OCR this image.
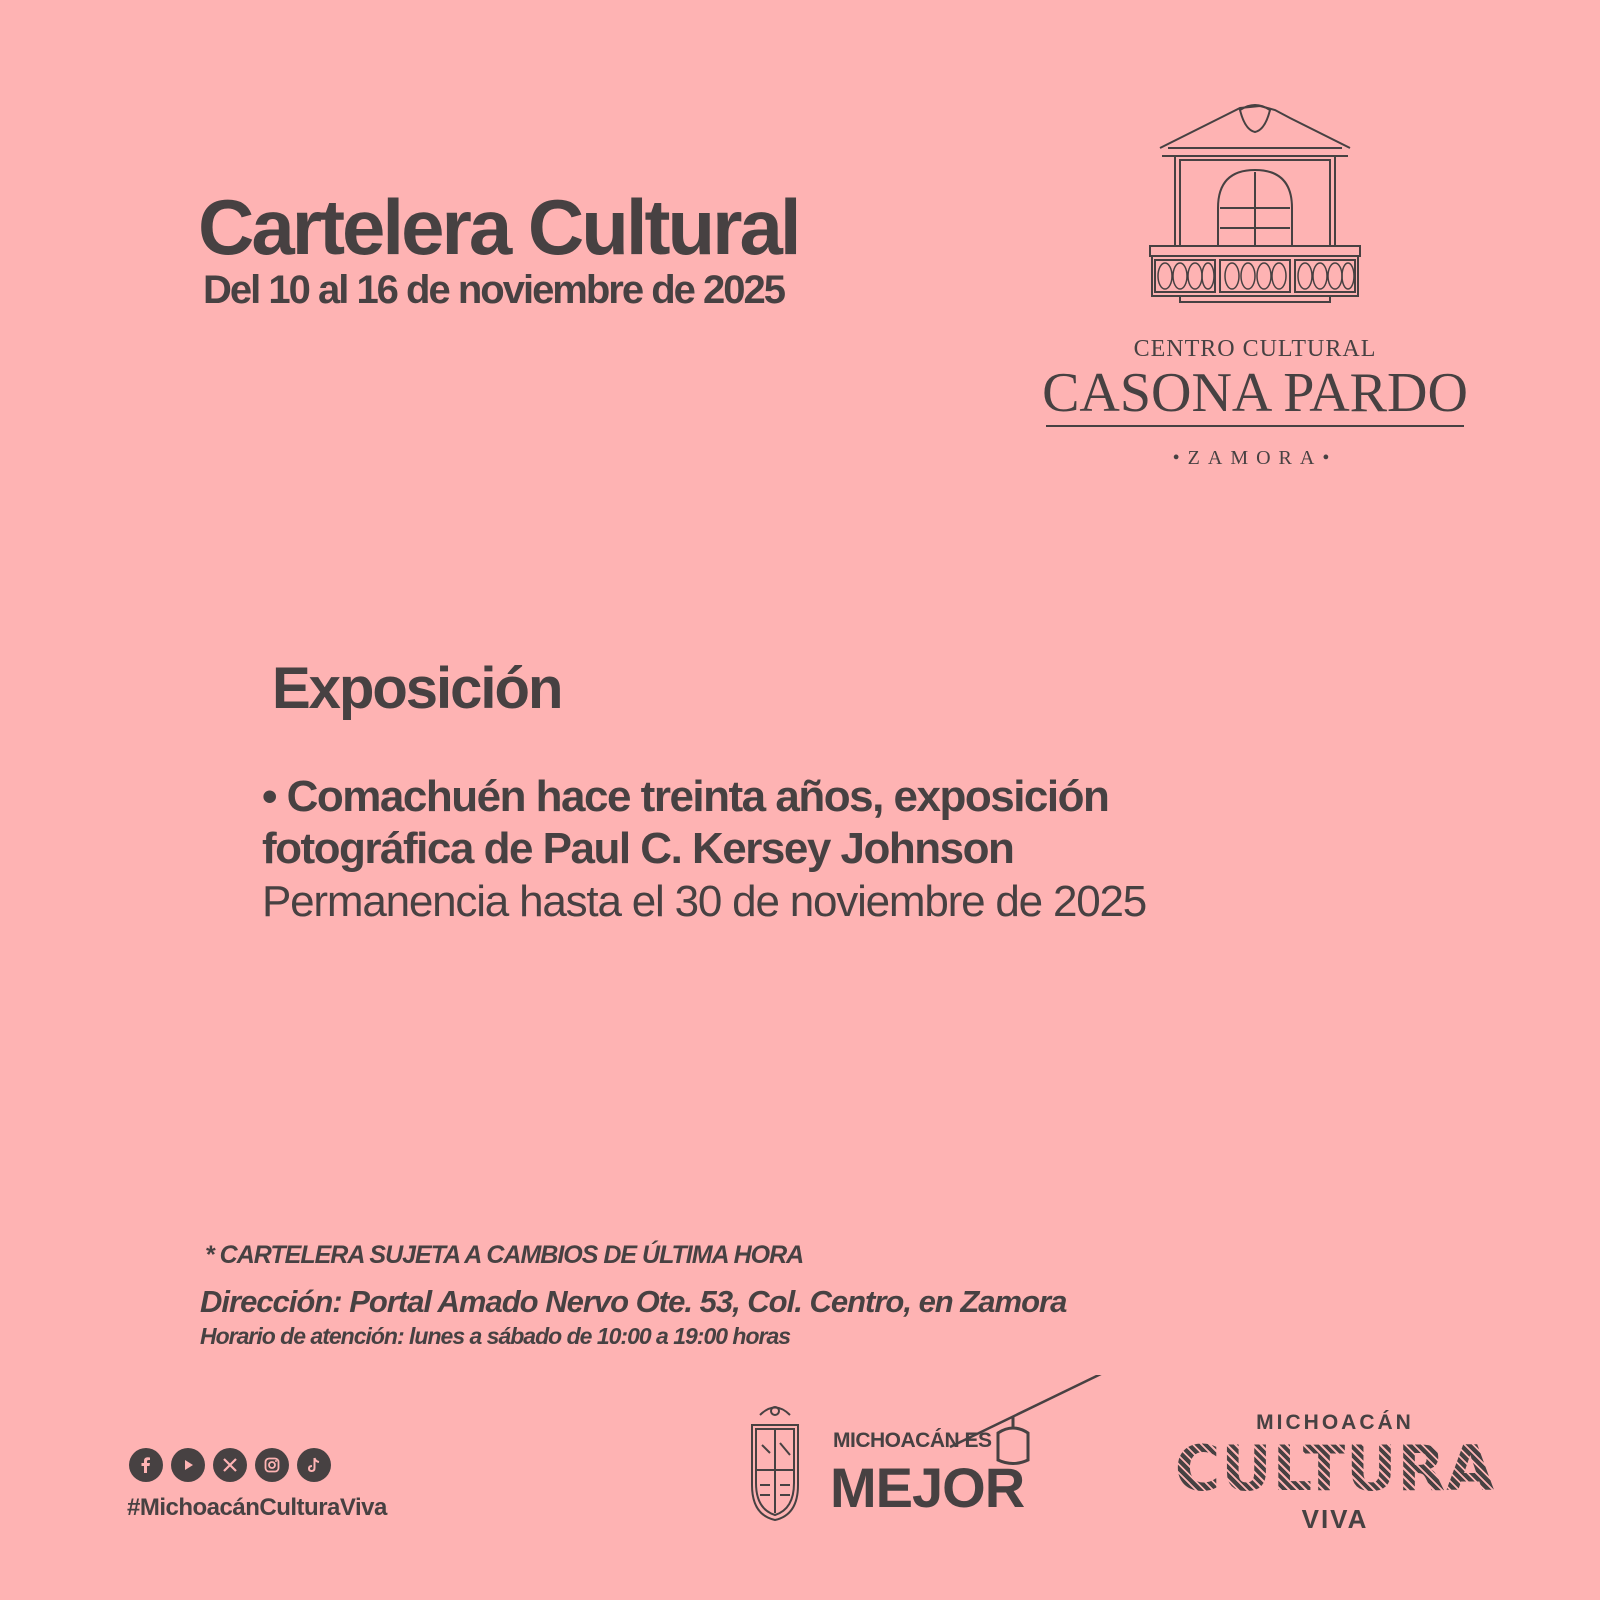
Cartelera Cultural
Del 10 al 16 de noviembre de 2025
CENTRO CULTURAL
CASONA PARDO
•ZAMORA•
Exposición
• Comachuén hace treinta años, exposición
fotográfica de Paul C. Kersey Johnson
Permanencia hasta el 30 de noviembre de 2025
* CARTELERA SUJETA A CAMBIOS DE ÚLTIMA HORA
Dirección: Portal Amado Nervo Ote. 53, Col. Centro, en Zamora
Horario de atención: lunes a sábado de 10:00 a 19:00 horas
#MichoacánCulturaViva
MICHOACÁN ES
MEJOR
MICHOACÁN
CULTURA
VIVA
